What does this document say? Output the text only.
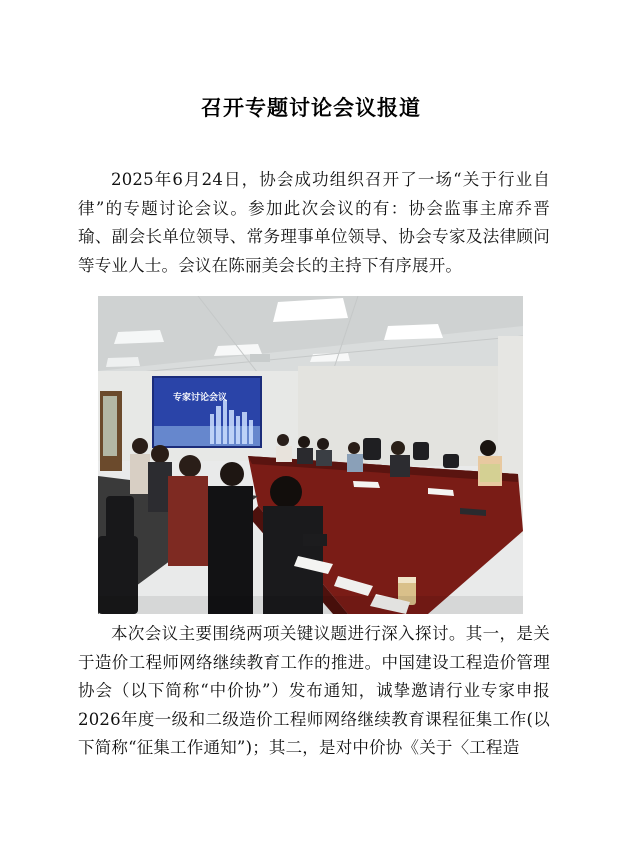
召开专题讨论会议报道

2025年6月24日，协会成功组织召开了一场“关于行业自律”的专题讨论会议。参加此次会议的有：协会监事主席乔晋瑜、副会长单位领导、常务理事单位领导、协会专家及法律顾问等专业人士。会议在陈丽美会长的主持下有序展开。

专家讨论会议

本次会议主要围绕两项关键议题进行深入探讨。其一，是关于造价工程师网络继续教育工作的推进。中国建设工程造价管理协会（以下简称“中价协”）发布通知，诚挚邀请行业专家申报2026年度一级和二级造价工程师网络继续教育课程征集工作(以下简称“征集工作通知”)；其二，是对中价协《关于〈工程造
